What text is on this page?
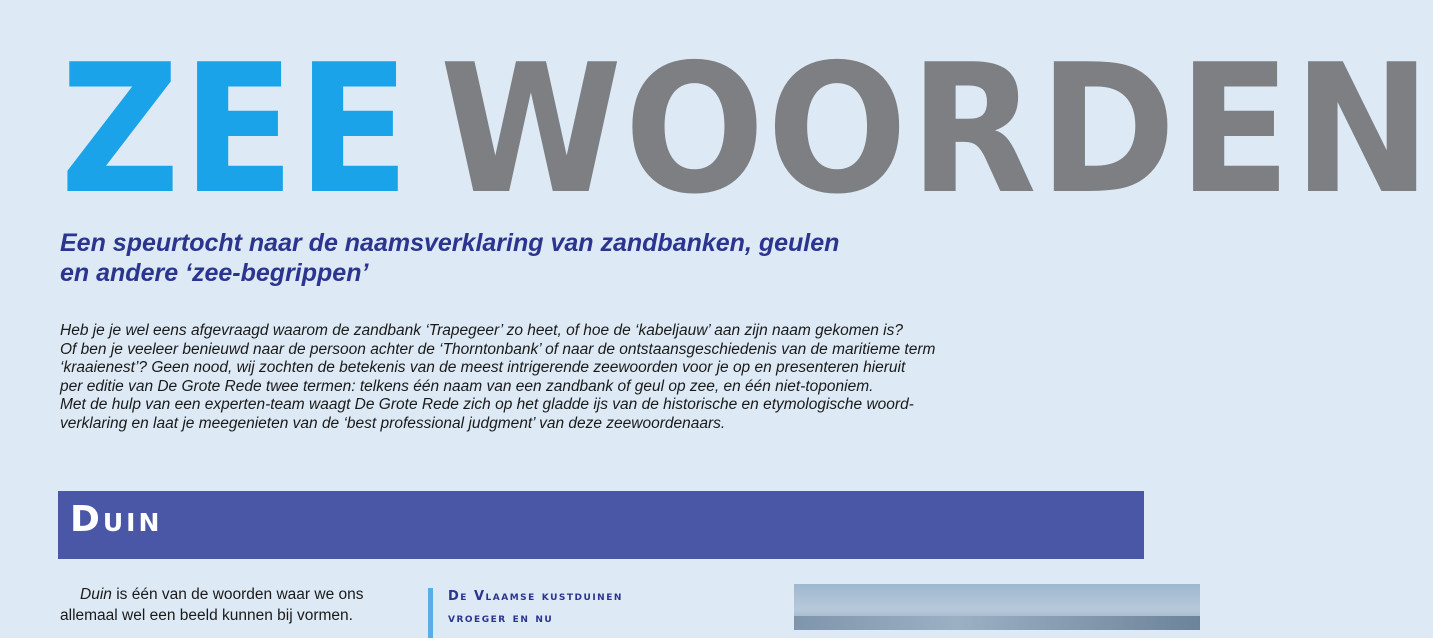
ZEE WOORDEN
Een speurtocht naar de naamsverklaring van zandbanken, geulen
en andere ‘zee-begrippen’

Heb je je wel eens afgevraagd waarom de zandbank ‘Trapegeer’ zo heet, of hoe de ‘kabeljauw’ aan zijn naam gekomen is?

Of ben je veeleer benieuwd naar de persoon achter de ‘Thorntonbank’ of naar de ontstaansgeschiedenis van de maritieme term

‘kraaienest’? Geen nood, wij zochten de betekenis van de meest intrigerende zeewoorden voor je op en presenteren hieruit

per editie van De Grote Rede twee termen: telkens één naam van een zandbank of geul op zee, en één niet-toponiem.

Met de hulp van een experten-team waagt De Grote Rede zich op het gladde ijs van de historische en etymologische woord-

verklaring en laat je meegenieten van de ‘best professional judgment’ van deze zeewoordenaars.

Duin
Duin is één van de woorden waar we ons
allemaal wel een beeld kunnen bij vormen.
De Vlaamse kustduinen
vroeger en nu
